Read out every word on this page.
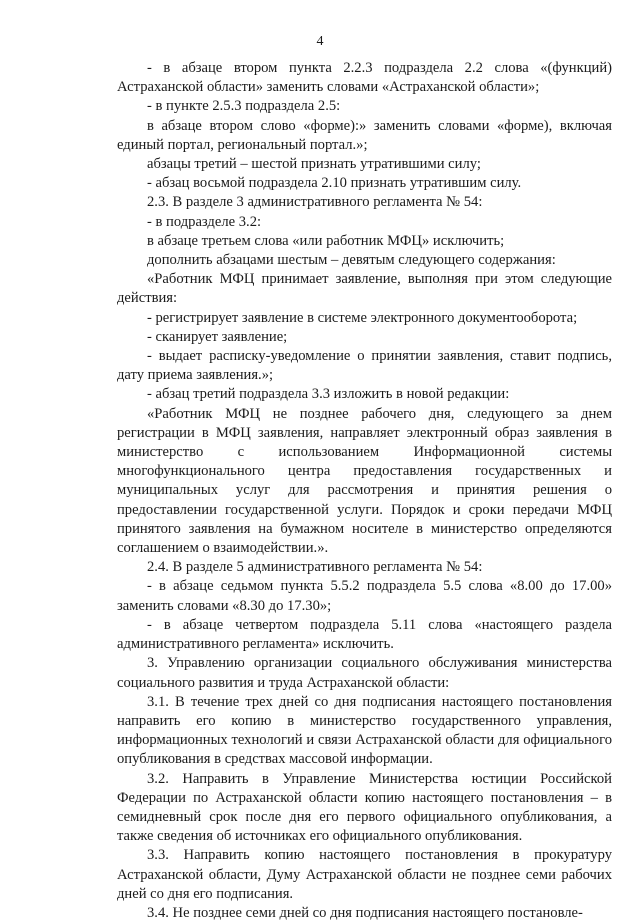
4

- в абзаце втором пункта 2.2.3 подраздела 2.2 слова «(функций) Астраханской области» заменить словами «Астраханской области»;

- в пункте 2.5.3 подраздела 2.5:

в абзаце втором слово «форме):» заменить словами «форме), включая единый портал, региональный портал.»;

абзацы третий – шестой признать утратившими силу;

- абзац восьмой подраздела 2.10 признать утратившим силу.

2.3. В разделе 3 административного регламента № 54:

- в подразделе 3.2:

в абзаце третьем слова «или работник МФЦ» исключить;

дополнить абзацами шестым – девятым следующего содержания:

«Работник МФЦ принимает заявление, выполняя при этом следующие действия:

- регистрирует заявление в системе электронного документооборота;

- сканирует заявление;

- выдает расписку-уведомление о принятии заявления, ставит подпись, дату приема заявления.»;

- абзац третий подраздела 3.3 изложить в новой редакции:

«Работник МФЦ не позднее рабочего дня, следующего за днем регистрации в МФЦ заявления, направляет электронный образ заявления в министерство с использованием Информационной системы многофункционального центра предоставления государственных и муниципальных услуг для рассмотрения и принятия решения о предоставлении государственной услуги. Порядок и сроки передачи МФЦ принятого заявления на бумажном носителе в министерство определяются соглашением о взаимодействии.».

2.4. В разделе 5 административного регламента № 54:

- в абзаце седьмом пункта 5.5.2 подраздела 5.5 слова «8.00 до 17.00» заменить словами «8.30 до 17.30»;

- в абзаце четвертом подраздела 5.11 слова «настоящего раздела административного регламента» исключить.

3. Управлению организации социального обслуживания министерства социального развития и труда Астраханской области:

3.1. В течение трех дней со дня подписания настоящего постановления направить его копию в министерство государственного управления, информационных технологий и связи Астраханской области для официального опубликования в средствах массовой информации.

3.2. Направить в Управление Министерства юстиции Российской Федерации по Астраханской области копию настоящего постановления – в семидневный срок после дня его первого официального опубликования, а также сведения об источниках его официального опубликования.

3.3. Направить копию настоящего постановления в прокуратуру Астраханской области, Думу Астраханской области не позднее семи рабочих дней со дня его подписания.

3.4. Не позднее семи дней со дня подписания настоящего постановле-
